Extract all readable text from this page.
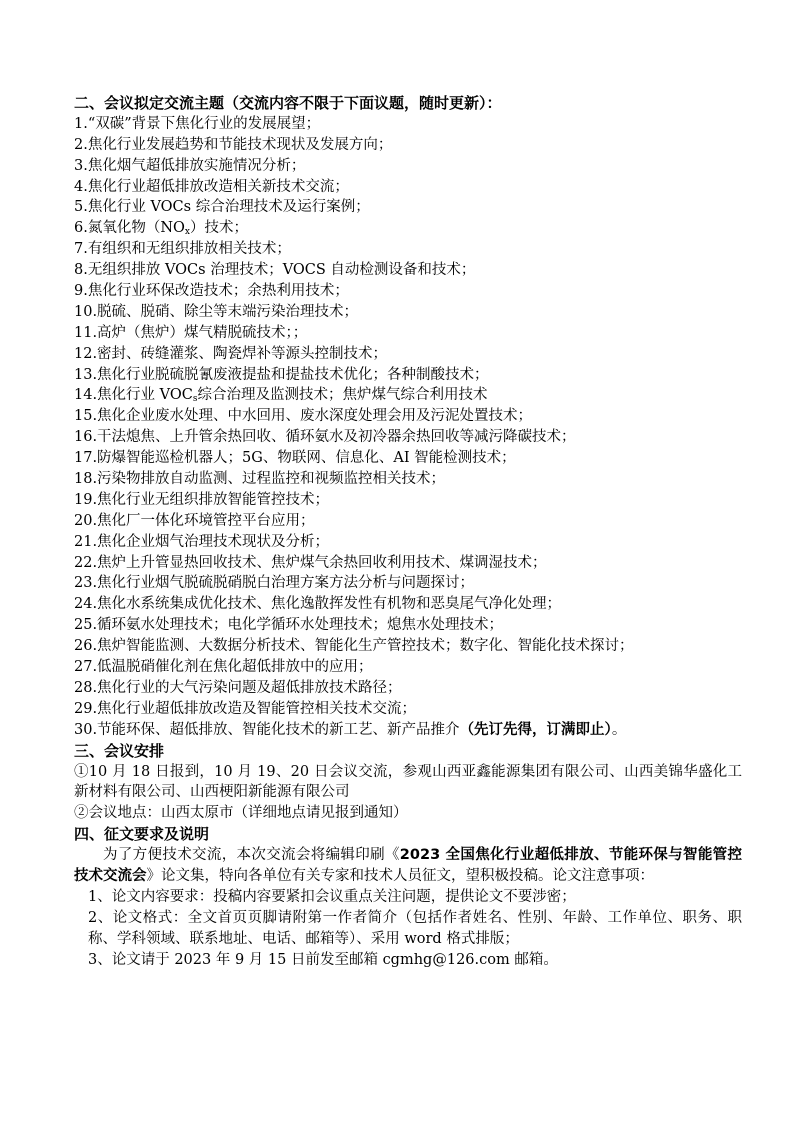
二、会议拟定交流主题（交流内容不限于下面议题，随时更新）：
1.“双碳”背景下焦化行业的发展展望；
2.焦化行业发展趋势和节能技术现状及发展方向；
3.焦化烟气超低排放实施情况分析；
4.焦化行业超低排放改造相关新技术交流；
5.焦化行业 VOCs 综合治理技术及运行案例；
6.氮氧化物$(NO_x)$技术；
7.有组织和无组织排放相关技术；
8.无组织排放 VOCs 治理技术；VOCS 自动检测设备和技术；
9.焦化行业环保改造技术；余热利用技术；
10.脱硫、脱硝、除尘等末端污染治理技术；
11.高炉（焦炉）煤气精脱硫技术；；
12.密封、砖缝灌浆、陶瓷焊补等源头控制技术；
13.焦化行业脱硫脱氰废液提盐和提盐技术优化；各种制酸技术；
14.焦化行业 $VOC_s$综合治理及监测技术；焦炉煤气综合利用技术
15.焦化企业废水处理、中水回用、废水深度处理会用及污泥处置技术；
16.干法熄焦、上升管余热回收、循环氨水及初冷器余热回收等减污降碳技术；
17.防爆智能巡检机器人；5G、物联网、信息化、AI 智能检测技术；
18.污染物排放自动监测、过程监控和视频监控相关技术；
19.焦化行业无组织排放智能管控技术；
20.焦化厂一体化环境管控平台应用；
21.焦化企业烟气治理技术现状及分析；
22.焦炉上升管显热回收技术、焦炉煤气余热回收利用技术、煤调湿技术；
23.焦化行业烟气脱硫脱硝脱白治理方案方法分析与问题探讨；
24.焦化水系统集成优化技术、焦化逸散挥发性有机物和恶臭尾气净化处理；
25.循环氨水处理技术；电化学循环水处理技术；熄焦水处理技术；
26.焦炉智能监测、大数据分析技术、智能化生产管控技术；数字化、智能化技术探讨；
27.低温脱硝催化剂在焦化超低排放中的应用；
28.焦化行业的大气污染问题及超低排放技术路径；
29.焦化行业超低排放改造及智能管控相关技术交流；
30.节能环保、超低排放、智能化技术的新工艺、新产品推介（先订先得，订满即止）。
三、会议安排
①10 月 18 日报到，10 月 19、20 日会议交流，参观山西亚鑫能源集团有限公司、山西美锦华盛化工新材料有限公司、山西梗阳新能源有限公司
②会议地点：山西太原市（详细地点请见报到通知）
四、征文要求及说明
为了方便技术交流，本次交流会将编辑印刷《2023 全国焦化行业超低排放、节能环保与智能管控技术交流会》论文集，特向各单位有关专家和技术人员征文，望积极投稿。论文注意事项：
1、论文内容要求：投稿内容要紧扣会议重点关注问题，提供论文不要涉密；
2、论文格式：全文首页页脚请附第一作者简介（包括作者姓名、性别、年龄、工作单位、职务、职称、学科领域、联系地址、电话、邮箱等）、采用 word 格式排版；
3、论文请于 2023 年 9 月 15 日前发至邮箱 cgmhg@126.com 邮箱。
